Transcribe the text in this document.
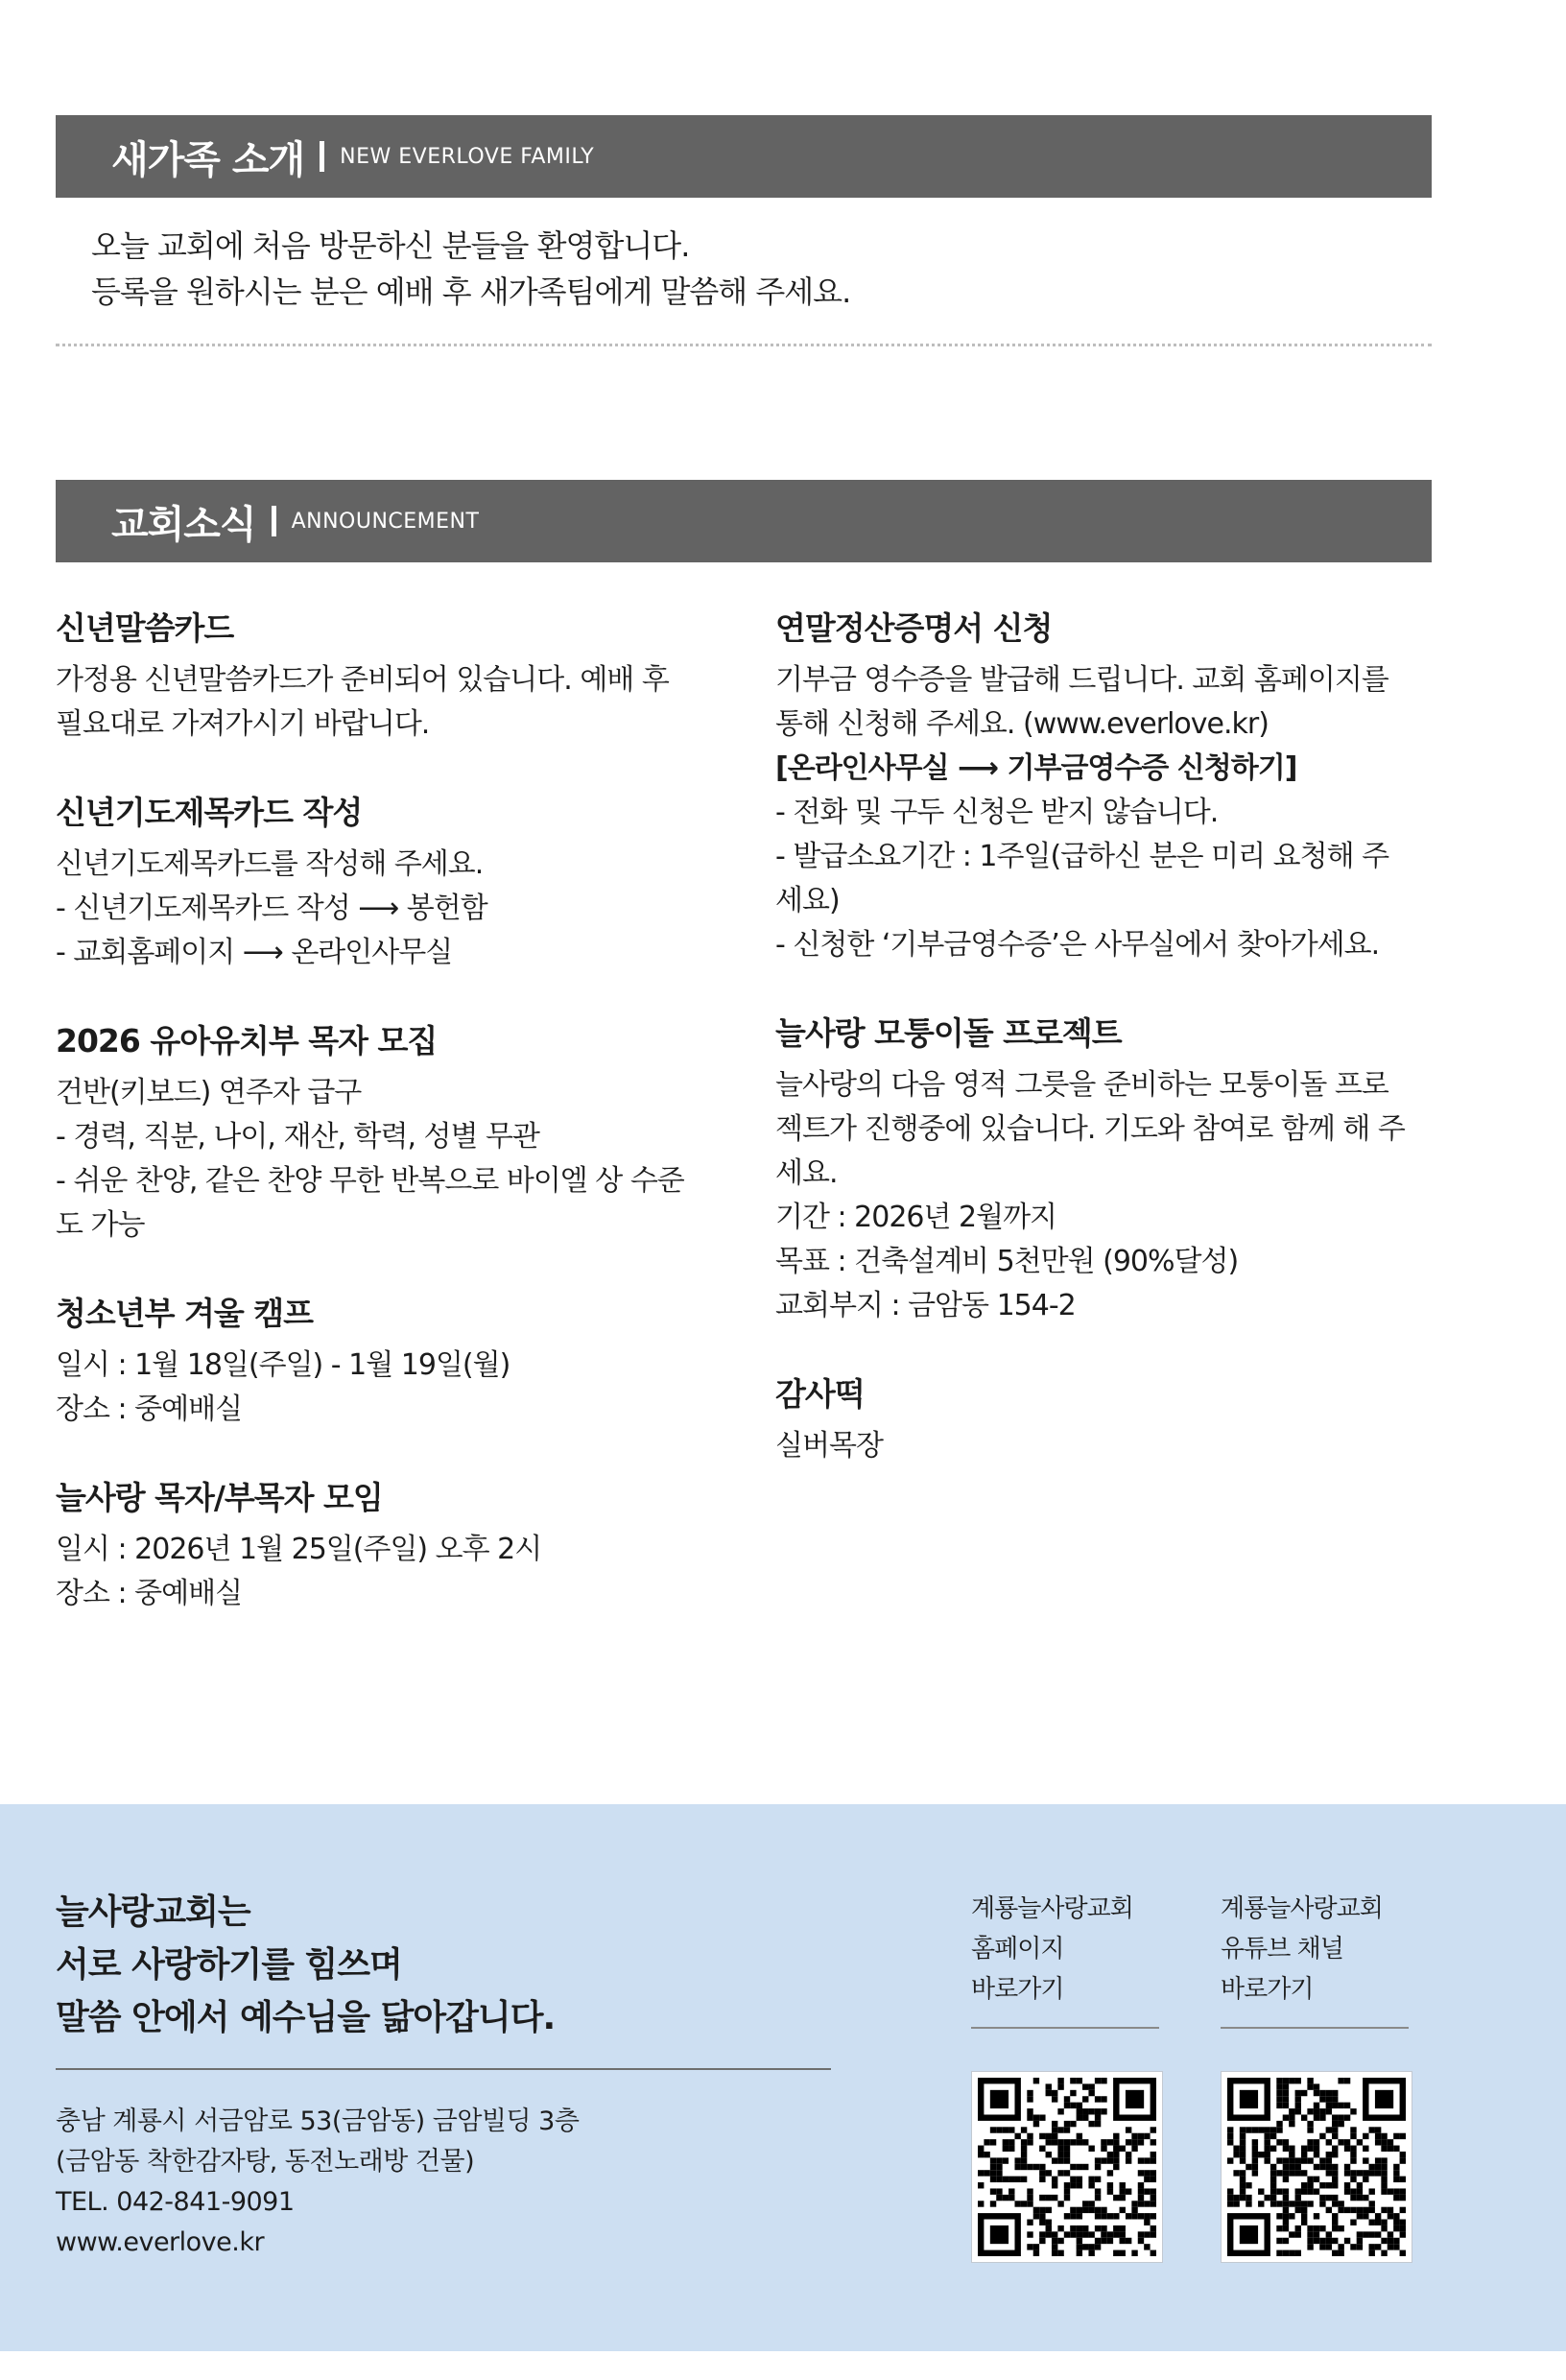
새가족 소개 NEW EVERLOVE FAMILY
오늘 교회에 처음 방문하신 분들을 환영합니다.
등록을 원하시는 분은 예배 후 새가족팀에게 말씀해 주세요.
교회소식 ANNOUNCEMENT
신년말씀카드
가정용 신년말씀카드가 준비되어 있습니다. 예배 후
필요대로 가져가시기 바랍니다.
신년기도제목카드 작성
신년기도제목카드를 작성해 주세요.
- 신년기도제목카드 작성 ⟶ 봉헌함
- 교회홈페이지 ⟶ 온라인사무실
2026 유아유치부 목자 모집
건반(키보드) 연주자 급구
- 경력, 직분, 나이, 재산, 학력, 성별 무관
- 쉬운 찬양, 같은 찬양 무한 반복으로 바이엘 상 수준
도 가능
청소년부 겨울 캠프
일시 : 1월 18일(주일) - 1월 19일(월)
장소 : 중예배실
늘사랑 목자/부목자 모임
일시 : 2026년 1월 25일(주일) 오후 2시
장소 : 중예배실
연말정산증명서 신청
기부금 영수증을 발급해 드립니다. 교회 홈페이지를
통해 신청해 주세요. (www.everlove.kr)
[온라인사무실 ⟶ 기부금영수증 신청하기]
- 전화 및 구두 신청은 받지 않습니다.
- 발급소요기간 : 1주일(급하신 분은 미리 요청해 주
세요)
- 신청한 ‘기부금영수증’은 사무실에서 찾아가세요.
늘사랑 모퉁이돌 프로젝트
늘사랑의 다음 영적 그릇을 준비하는 모퉁이돌 프로
젝트가 진행중에 있습니다. 기도와 참여로 함께 해 주
세요.
기간 : 2026년 2월까지
목표 : 건축설계비 5천만원 (90%달성)
교회부지 : 금암동 154-2
감사떡
실버목장
늘사랑교회는
서로 사랑하기를 힘쓰며
말씀 안에서 예수님을 닮아갑니다.
충남 계룡시 서금암로 53(금암동) 금암빌딩 3층
(금암동 착한감자탕, 동전노래방 건물)
TEL. 042-841-9091
www.everlove.kr
계룡늘사랑교회
홈페이지
바로가기
계룡늘사랑교회
유튜브 채널
바로가기
